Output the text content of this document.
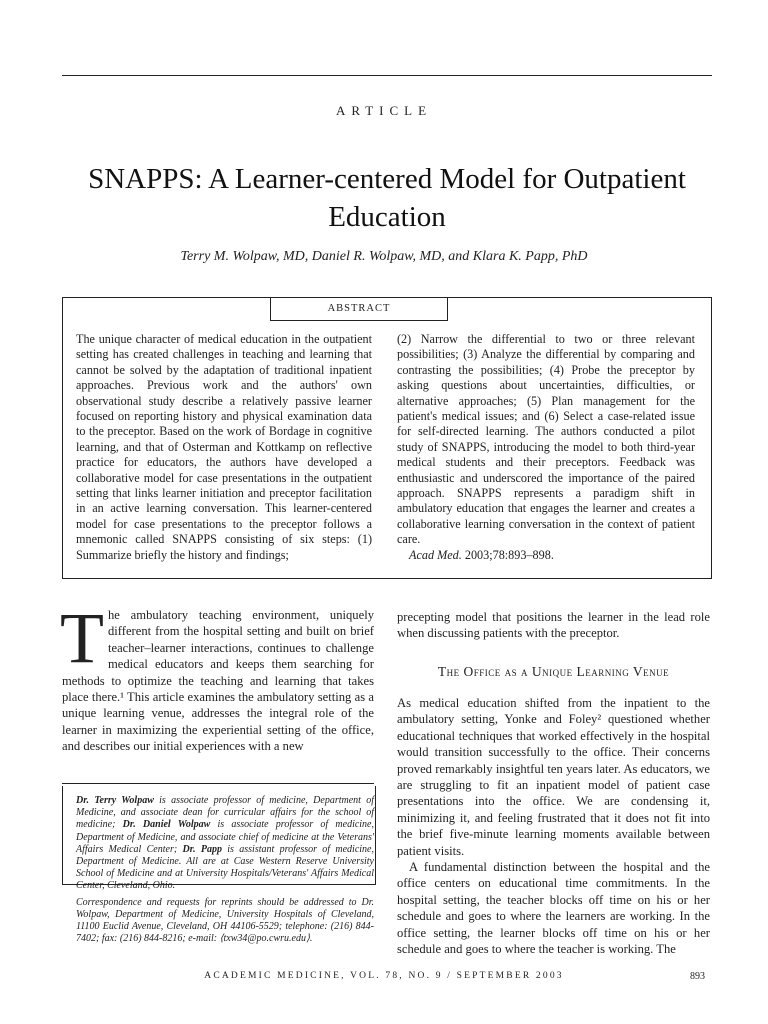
ARTICLE
SNAPPS: A Learner-centered Model for Outpatient Education
Terry M. Wolpaw, MD, Daniel R. Wolpaw, MD, and Klara K. Papp, PhD
ABSTRACT
The unique character of medical education in the outpatient setting has created challenges in teaching and learning that cannot be solved by the adaptation of traditional inpatient approaches. Previous work and the authors' own observational study describe a relatively passive learner focused on reporting history and physical examination data to the preceptor. Based on the work of Bordage in cognitive learning, and that of Osterman and Kottkamp on reflective practice for educators, the authors have developed a collaborative model for case presentations in the outpatient setting that links learner initiation and preceptor facilitation in an active learning conversation. This learner-centered model for case presentations to the preceptor follows a mnemonic called SNAPPS consisting of six steps: (1) Summarize briefly the history and findings;
(2) Narrow the differential to two or three relevant possibilities; (3) Analyze the differential by comparing and contrasting the possibilities; (4) Probe the preceptor by asking questions about uncertainties, difficulties, or alternative approaches; (5) Plan management for the patient's medical issues; and (6) Select a case-related issue for self-directed learning. The authors conducted a pilot study of SNAPPS, introducing the model to both third-year medical students and their preceptors. Feedback was enthusiastic and underscored the importance of the paired approach. SNAPPS represents a paradigm shift in ambulatory education that engages the learner and creates a collaborative learning conversation in the context of patient care.
Acad Med. 2003;78:893–898.
The ambulatory teaching environment, uniquely different from the hospital setting and built on brief teacher–learner interactions, continues to challenge medical educators and keeps them searching for methods to optimize the teaching and learning that takes place there.¹ This article examines the ambulatory setting as a unique learning venue, addresses the integral role of the learner in maximizing the experiential setting of the office, and describes our initial experiences with a new
precepting model that positions the learner in the lead role when discussing patients with the preceptor.
The Office as a Unique Learning Venue

As medical education shifted from the inpatient to the ambulatory setting, Yonke and Foley² questioned whether educational techniques that worked effectively in the hospital would transition successfully to the office. Their concerns proved remarkably insightful ten years later. As educators, we are struggling to fit an inpatient model of patient case presentations into the office. We are condensing it, minimizing it, and feeling frustrated that it does not fit into the brief five-minute learning moments available between patient visits.

A fundamental distinction between the hospital and the office centers on educational time commitments. In the hospital setting, the teacher blocks off time on his or her schedule and goes to where the learners are working. In the office setting, the learner blocks off time on his or her schedule and goes to where the teacher is working. The

Dr. Terry Wolpaw is associate professor of medicine, Department of Medicine, and associate dean for curricular affairs for the school of medicine; Dr. Daniel Wolpaw is associate professor of medicine, Department of Medicine, and associate chief of medicine at the Veterans' Affairs Medical Center; Dr. Papp is assistant professor of medicine, Department of Medicine. All are at Case Western Reserve University School of Medicine and at University Hospitals/Veterans' Affairs Medical Center, Cleveland, Ohio.

Correspondence and requests for reprints should be addressed to Dr. Wolpaw, Department of Medicine, University Hospitals of Cleveland, 11100 Euclid Avenue, Cleveland, OH 44106-5529; telephone: (216) 844-7402; fax: (216) 844-8216; e-mail: ⟨txw34@po.cwru.edu⟩.

ACADEMIC MEDICINE, VOL. 78, NO. 9 / SEPTEMBER 2003	893
